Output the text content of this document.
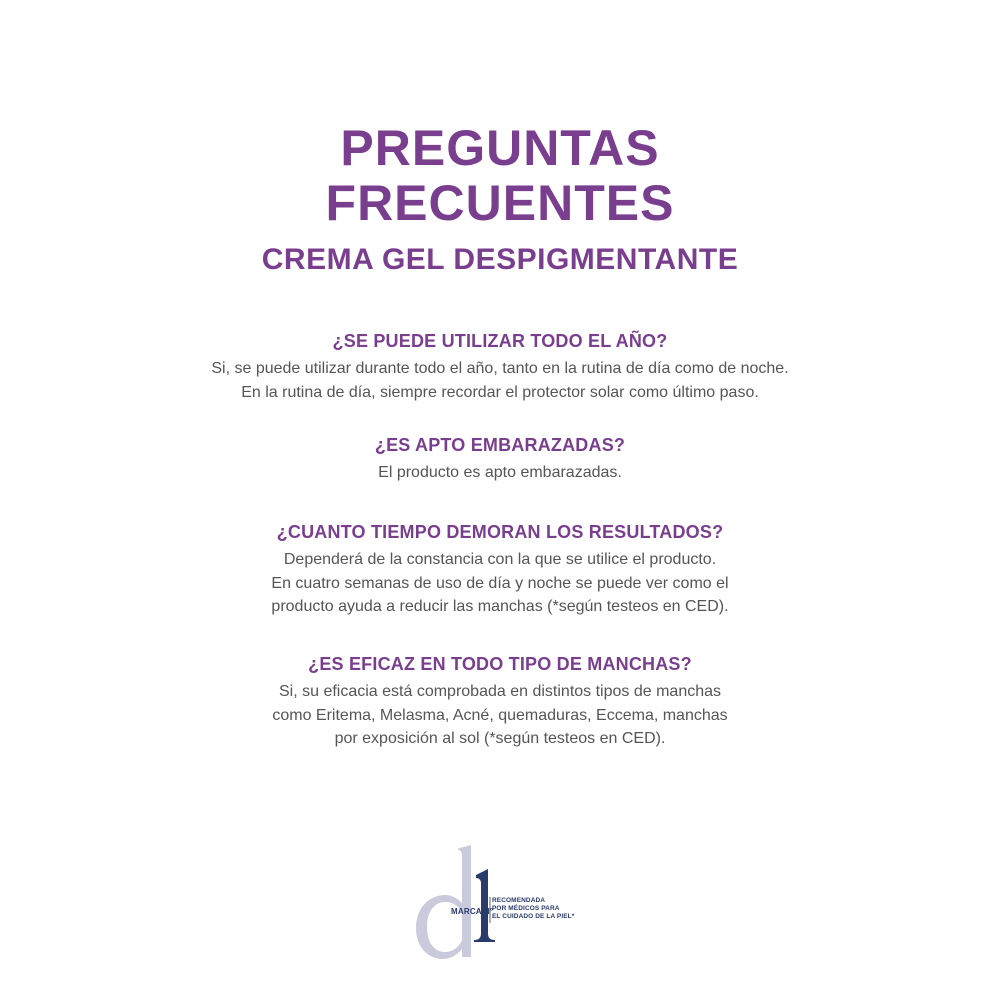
PREGUNTAS
FRECUENTES
CREMA GEL DESPIGMENTANTE

¿SE PUEDE UTILIZAR TODO EL AÑO?

Si, se puede utilizar durante todo el año, tanto en la rutina de día como de noche.
En la rutina de día, siempre recordar el protector solar como último paso.

¿ES APTO EMBARAZADAS?

El producto es apto embarazadas.

¿CUANTO TIEMPO DEMORAN LOS RESULTADOS?

Dependerá de la constancia con la que se utilice el producto.
En cuatro semanas de uso de día y noche se puede ver como el
producto ayuda a reducir las manchas (*según testeos en CED).

¿ES EFICAZ EN TODO TIPO DE MANCHAS?

Si, su eficacia está comprobada en distintos tipos de manchas
como Eritema, Melasma, Acné, quemaduras, Eccema, manchas
por exposición al sol (*según testeos en CED).

MARCA N°
RECOMENDADA
POR MÉDICOS PARA
EL CUIDADO DE LA PIEL*
